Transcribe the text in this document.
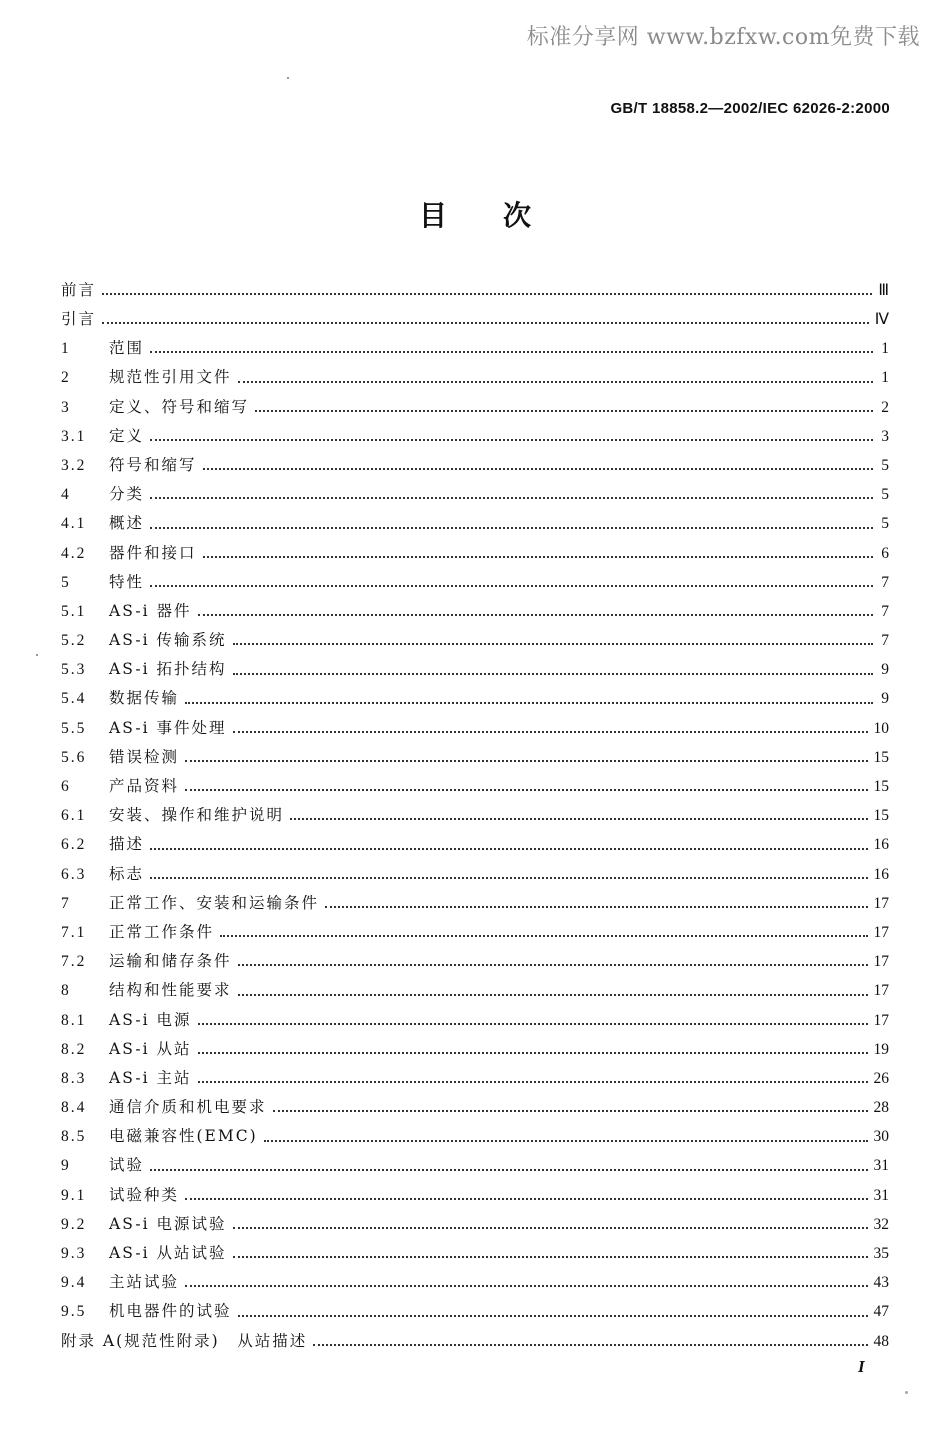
标准分享网 www.bzfxw.com免费下载
GB/T 18858.2—2002/IEC 62026-2:2000
目次
前言	Ⅲ
引言	Ⅳ
1	范围	1
2	规范性引用文件	1
3	定义、符号和缩写	2
3.1	定义	3
3.2	符号和缩写	5
4	分类	5
4.1	概述	5
4.2	器件和接口	6
5	特性	7
5.1	AS-i 器件	7
5.2	AS-i 传输系统	7
5.3	AS-i 拓扑结构	9
5.4	数据传输	9
5.5	AS-i 事件处理	10
5.6	错误检测	15
6	产品资料	15
6.1	安装、操作和维护说明	15
6.2	描述	16
6.3	标志	16
7	正常工作、安装和运输条件	17
7.1	正常工作条件	17
7.2	运输和储存条件	17
8	结构和性能要求	17
8.1	AS-i 电源	17
8.2	AS-i 从站	19
8.3	AS-i 主站	26
8.4	通信介质和机电要求	28
8.5	电磁兼容性(EMC)	30
9	试验	31
9.1	试验种类	31
9.2	AS-i 电源试验	32
9.3	AS-i 从站试验	35
9.4	主站试验	43
9.5	机电器件的试验	47
附录 A(规范性附录)　从站描述	48
I
